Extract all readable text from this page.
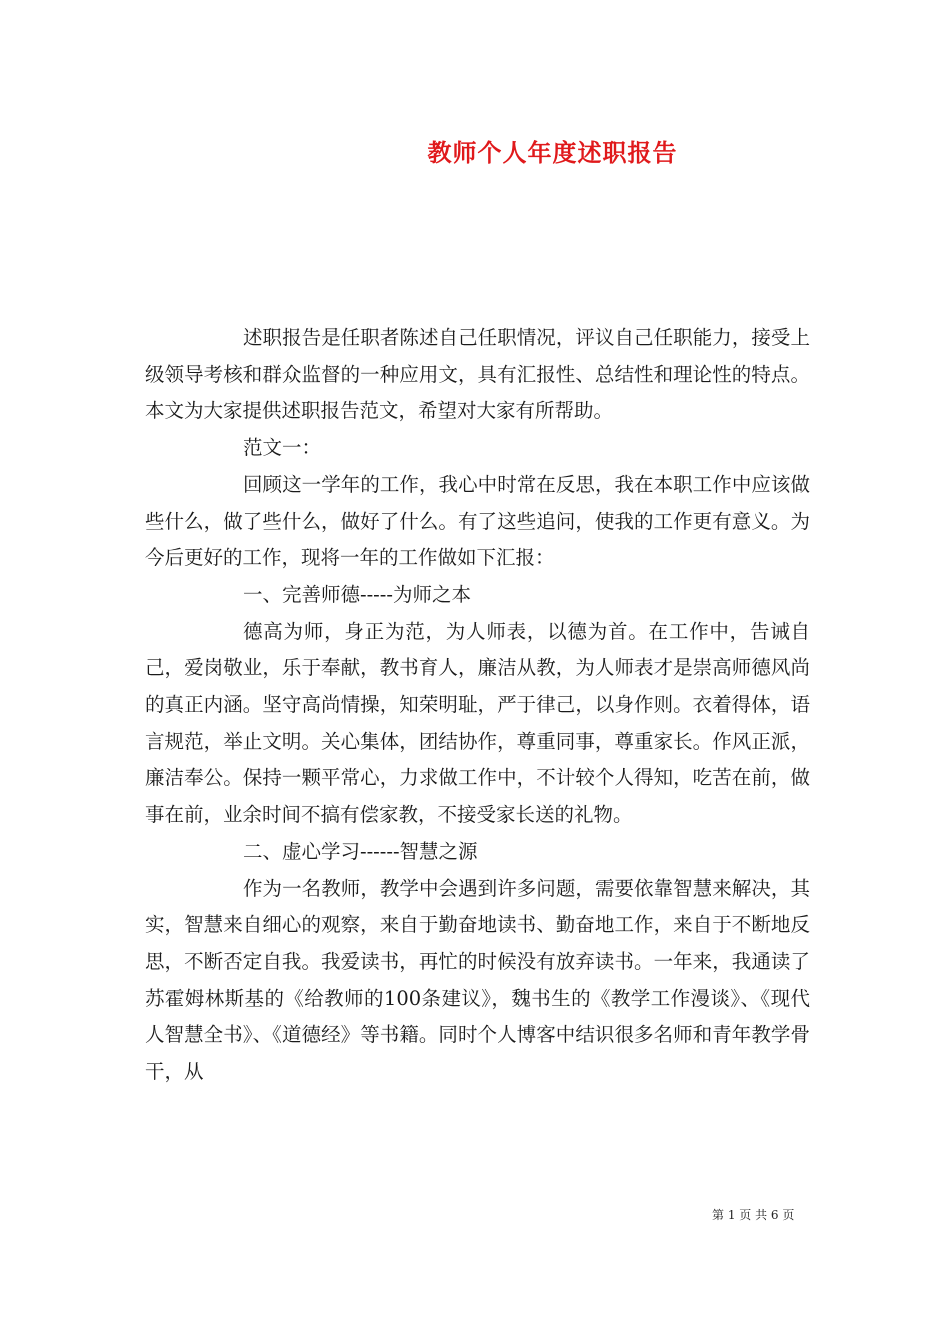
教师个人年度述职报告

述职报告是任职者陈述自己任职情况，评议自己任职能力，接受上级领导考核和群众监督的一种应用文，具有汇报性、总结性和理论性的特点。本文为大家提供述职报告范文，希望对大家有所帮助。

范文一：

回顾这一学年的工作，我心中时常在反思，我在本职工作中应该做些什么，做了些什么，做好了什么。有了这些追问，使我的工作更有意义。为今后更好的工作，现将一年的工作做如下汇报：

一、完善师德-----为师之本

德高为师，身正为范，为人师表，以德为首。在工作中，告诫自己，爱岗敬业，乐于奉献，教书育人，廉洁从教，为人师表才是崇高师德风尚的真正内涵。坚守高尚情操，知荣明耻，严于律己，以身作则。衣着得体，语言规范，举止文明。关心集体，团结协作，尊重同事，尊重家长。作风正派，廉洁奉公。保持一颗平常心，力求做工作中，不计较个人得知，吃苦在前，做事在前，业余时间不搞有偿家教，不接受家长送的礼物。

二、虚心学习------智慧之源

作为一名教师，教学中会遇到许多问题，需要依靠智慧来解决，其实，智慧来自细心的观察，来自于勤奋地读书、勤奋地工作，来自于不断地反思，不断否定自我。我爱读书，再忙的时候没有放弃读书。一年来，我通读了苏霍姆林斯基的《给教师的100条建议》，魏书生的《教学工作漫谈》、《现代人智慧全书》、《道德经》等书籍。同时个人博客中结识很多名师和青年教学骨干，从

第 1 页 共 6 页
